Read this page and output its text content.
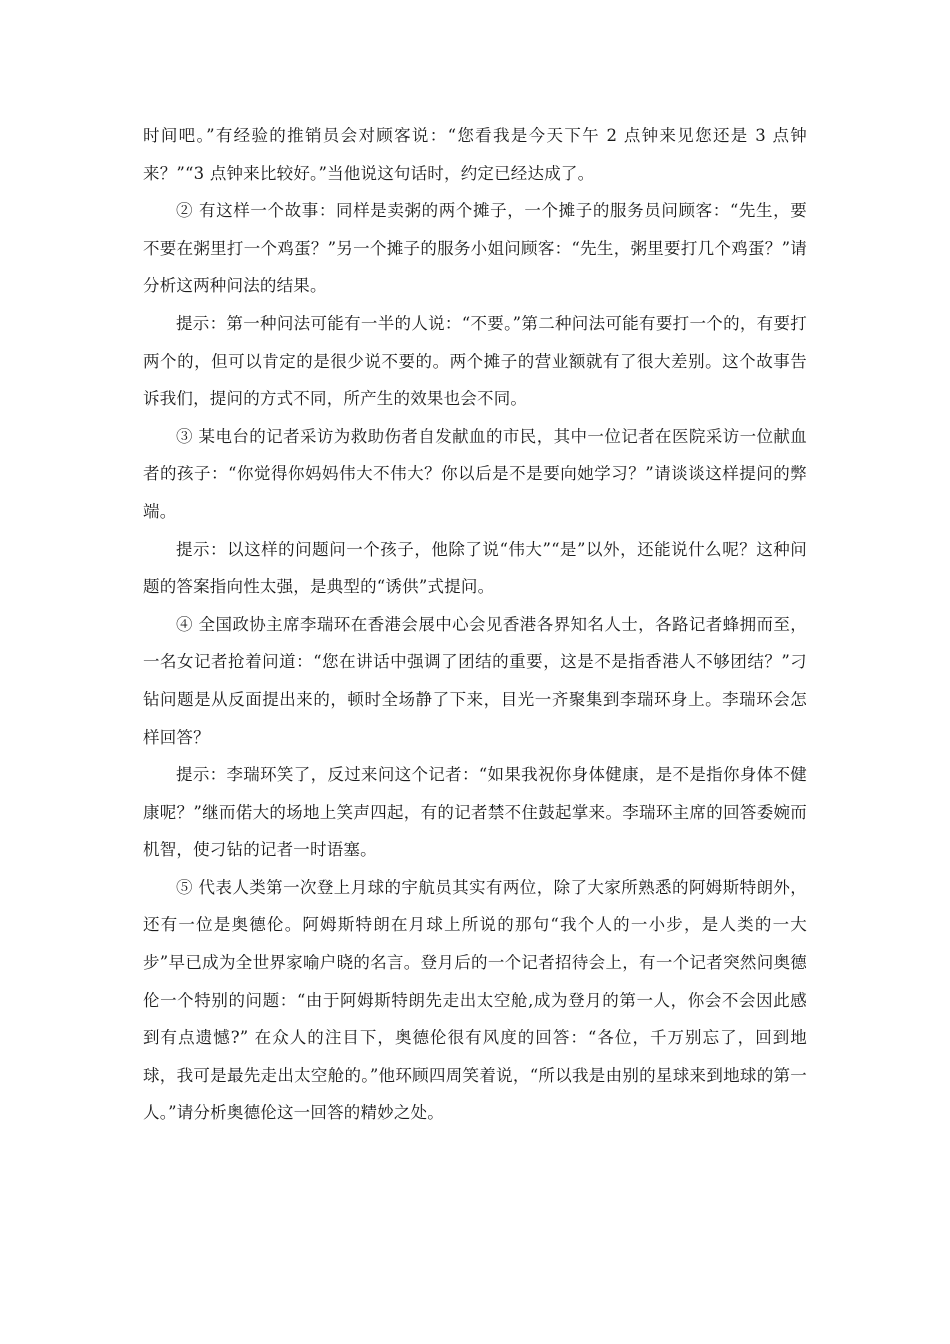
时间吧。”有经验的推销员会对顾客说：“您看我是今天下午 2 点钟来见您还是 3 点钟来？”“3 点钟来比较好。”当他说这句话时，约定已经达成了。

② 有这样一个故事：同样是卖粥的两个摊子，一个摊子的服务员问顾客：“先生，要不要在粥里打一个鸡蛋？”另一个摊子的服务小姐问顾客：“先生，粥里要打几个鸡蛋？”请分析这两种问法的结果。

提示：第一种问法可能有一半的人说：“不要。”第二种问法可能有要打一个的，有要打两个的，但可以肯定的是很少说不要的。两个摊子的营业额就有了很大差别。这个故事告诉我们，提问的方式不同，所产生的效果也会不同。

③ 某电台的记者采访为救助伤者自发献血的市民，其中一位记者在医院采访一位献血者的孩子：“你觉得你妈妈伟大不伟大？你以后是不是要向她学习？”请谈谈这样提问的弊端。

提示：以这样的问题问一个孩子，他除了说“伟大”“是”以外，还能说什么呢？这种问题的答案指向性太强，是典型的“诱供”式提问。

④ 全国政协主席李瑞环在香港会展中心会见香港各界知名人士，各路记者蜂拥而至，一名女记者抢着问道：“您在讲话中强调了团结的重要，这是不是指香港人不够团结？”刁钻问题是从反面提出来的，顿时全场静了下来，目光一齐聚集到李瑞环身上。李瑞环会怎样回答？

提示：李瑞环笑了，反过来问这个记者：“如果我祝你身体健康，是不是指你身体不健康呢？”继而偌大的场地上笑声四起，有的记者禁不住鼓起掌来。李瑞环主席的回答委婉而机智，使刁钻的记者一时语塞。

⑤ 代表人类第一次登上月球的宇航员其实有两位，除了大家所熟悉的阿姆斯特朗外，还有一位是奥德伦。阿姆斯特朗在月球上所说的那句“我个人的一小步，是人类的一大步”早已成为全世界家喻户晓的名言。登月后的一个记者招待会上，有一个记者突然问奥德伦一个特别的问题：“由于阿姆斯特朗先走出太空舱,成为登月的第一人，你会不会因此感到有点遗憾?” 在众人的注目下，奥德伦很有风度的回答：“各位，千万别忘了，回到地球，我可是最先走出太空舱的。”他环顾四周笑着说，“所以我是由别的星球来到地球的第一人。”请分析奥德伦这一回答的精妙之处。
